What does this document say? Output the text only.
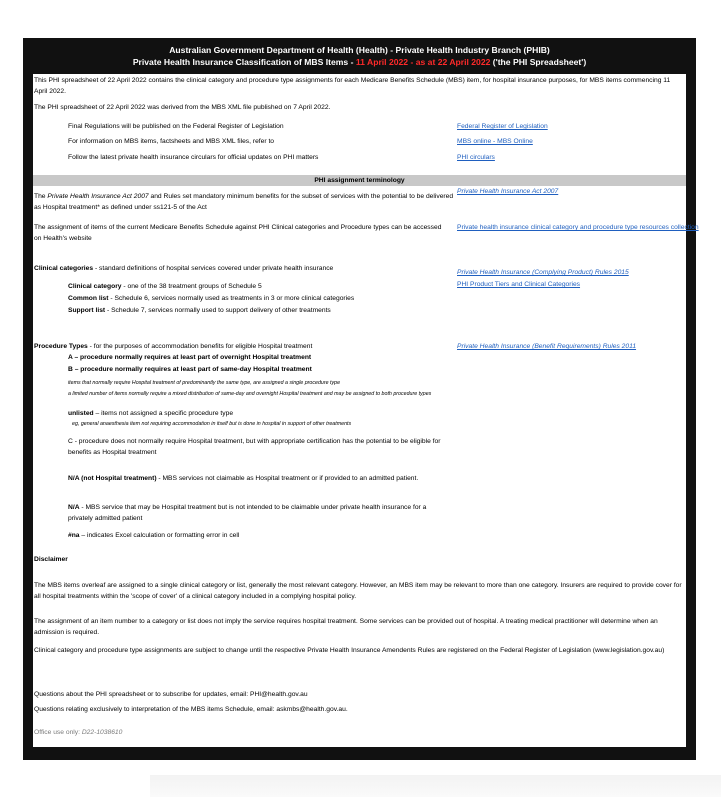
Australian Government Department of Health (Health) - Private Health Industry Branch (PHIB)
Private Health Insurance Classification of MBS Items - 11 April 2022 - as at 22 April 2022 ('the PHI Spreadsheet')
This PHI spreadsheet of 22 April 2022 contains the clinical category and procedure type assignments for each Medicare Benefits Schedule (MBS) item, for hospital insurance purposes, for MBS items commencing 11 April 2022.
The PHI spreadsheet of 22 April 2022 was derived from the MBS XML file published on 7 April 2022.
Final Regulations will be published on the Federal Register of Legislation	Federal Register of Legislation
For information on MBS items, factsheets and MBS XML files, refer to	MBS online - MBS Online
Follow the latest private health insurance circulars for official updates on PHI matters	PHI circulars
PHI assignment terminology
The Private Health Insurance Act 2007 and Rules set mandatory minimum benefits for the subset of services with the potential to be delivered as Hospital treatment* as defined under ss121-5 of the Act
Private Health Insurance Act 2007
The assignment of items of the current Medicare Benefits Schedule against PHI Clinical categories and Procedure types can be accessed on Health's website
Private health insurance clinical category and procedure type resources collection
Clinical categories - standard definitions of hospital services covered under private health insurance
Private Health Insurance (Complying Product) Rules 2015
PHI Product Tiers and Clinical Categories
Clinical category - one of the 38 treatment groups of Schedule 5
Common list - Schedule 6, services normally used as treatments in 3 or more clinical categories
Support list - Schedule 7, services normally used to support delivery of other treatments
Procedure Types - for the purposes of accommodation benefits for eligible Hospital treatment	Private Health Insurance (Benefit Requirements) Rules 2011
A – procedure normally requires at least part of overnight Hospital treatment
B – procedure normally requires at least part of same-day Hospital treatment
items that normally require Hospital treatment of predominantly the same type, are assigned a single procedure type
a limited number of items normally require a mixed distribution of same-day and overnight Hospital treatment and may be assigned to both procedure types
unlisted – items not assigned a specific procedure type
eg, general anaesthesia item not requiring accommodation in itself but is done in hospital in support of other treatments
C - procedure does not normally require Hospital treatment, but with appropriate certification has the potential to be eligible for benefits as Hospital treatment
N/A (not Hospital treatment) - MBS services not claimable as Hospital treatment or if provided to an admitted patient.
N/A - MBS service that may be Hospital treatment but is not intended to be claimable under private health insurance for a privately admitted patient
#na – indicates Excel calculation or formatting error in cell
Disclaimer
The MBS items overleaf are assigned to a single clinical category or list, generally the most relevant category. However, an MBS item may be relevant to more than one category. Insurers are required to provide cover for all hospital treatments within the 'scope of cover' of a clinical category included in a complying hospital policy.
The assignment of an item number to a category or list does not imply the service requires hospital treatment. Some services can be provided out of hospital. A treating medical practitioner will determine when an admission is required.
Clinical category and procedure type assignments are subject to change until the respective Private Health Insurance Amendents Rules are registered on the Federal Register of Legislation (www.legislation.gov.au)
Questions about the PHI spreadsheet or to subscribe for updates, email: PHI@health.gov.au
Questions relating exclusively to interpretation of the MBS items Schedule, email: askmbs@health.gov.au.
Office use only: D22-1038610
